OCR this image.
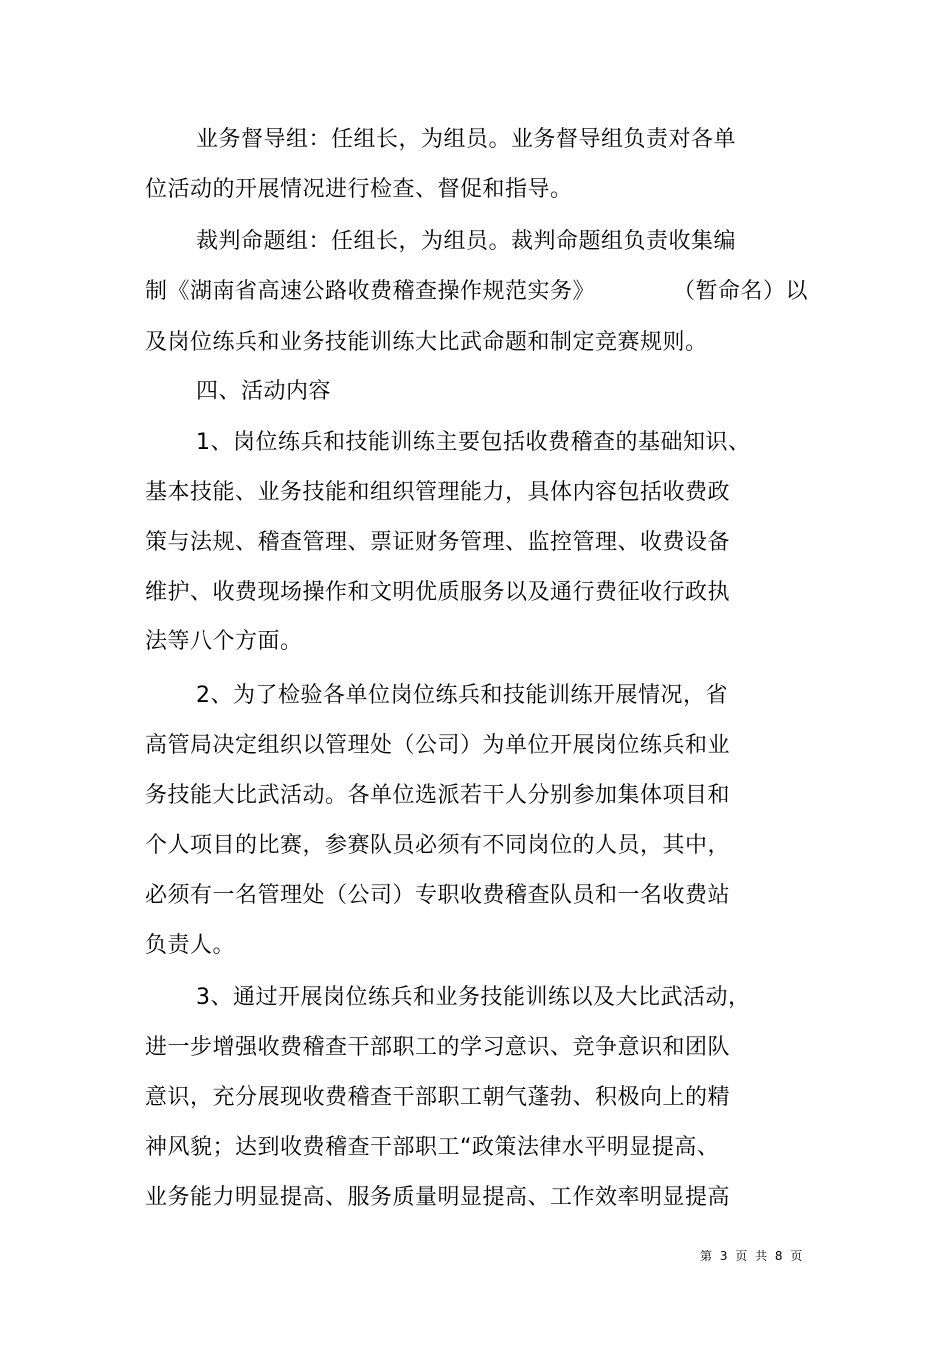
业务督导组：任组长，为组员。业务督导组负责对各单

位活动的开展情况进行检查、督促和指导。

裁判命题组：任组长，为组员。裁判命题组负责收集编

制《湖南省高速公路收费稽查操作规范实务》	（暂命名）以

及岗位练兵和业务技能训练大比武命题和制定竞赛规则。

四、活动内容

1、岗位练兵和技能训练主要包括收费稽查的基础知识、

基本技能、业务技能和组织管理能力，具体内容包括收费政

策与法规、稽查管理、票证财务管理、监控管理、收费设备

维护、收费现场操作和文明优质服务以及通行费征收行政执

法等八个方面。

2、为了检验各单位岗位练兵和技能训练开展情况，省

高管局决定组织以管理处（公司）为单位开展岗位练兵和业

务技能大比武活动。各单位选派若干人分别参加集体项目和

个人项目的比赛，参赛队员必须有不同岗位的人员，其中，

必须有一名管理处（公司）专职收费稽查队员和一名收费站

负责人。

3、通过开展岗位练兵和业务技能训练以及大比武活动，

进一步增强收费稽查干部职工的学习意识、竞争意识和团队

意识，充分展现收费稽查干部职工朝气蓬勃、积极向上的精

神风貌；达到收费稽查干部职工“政策法律水平明显提高、

业务能力明显提高、服务质量明显提高、工作效率明显提高

第 3 页 共 8 页
